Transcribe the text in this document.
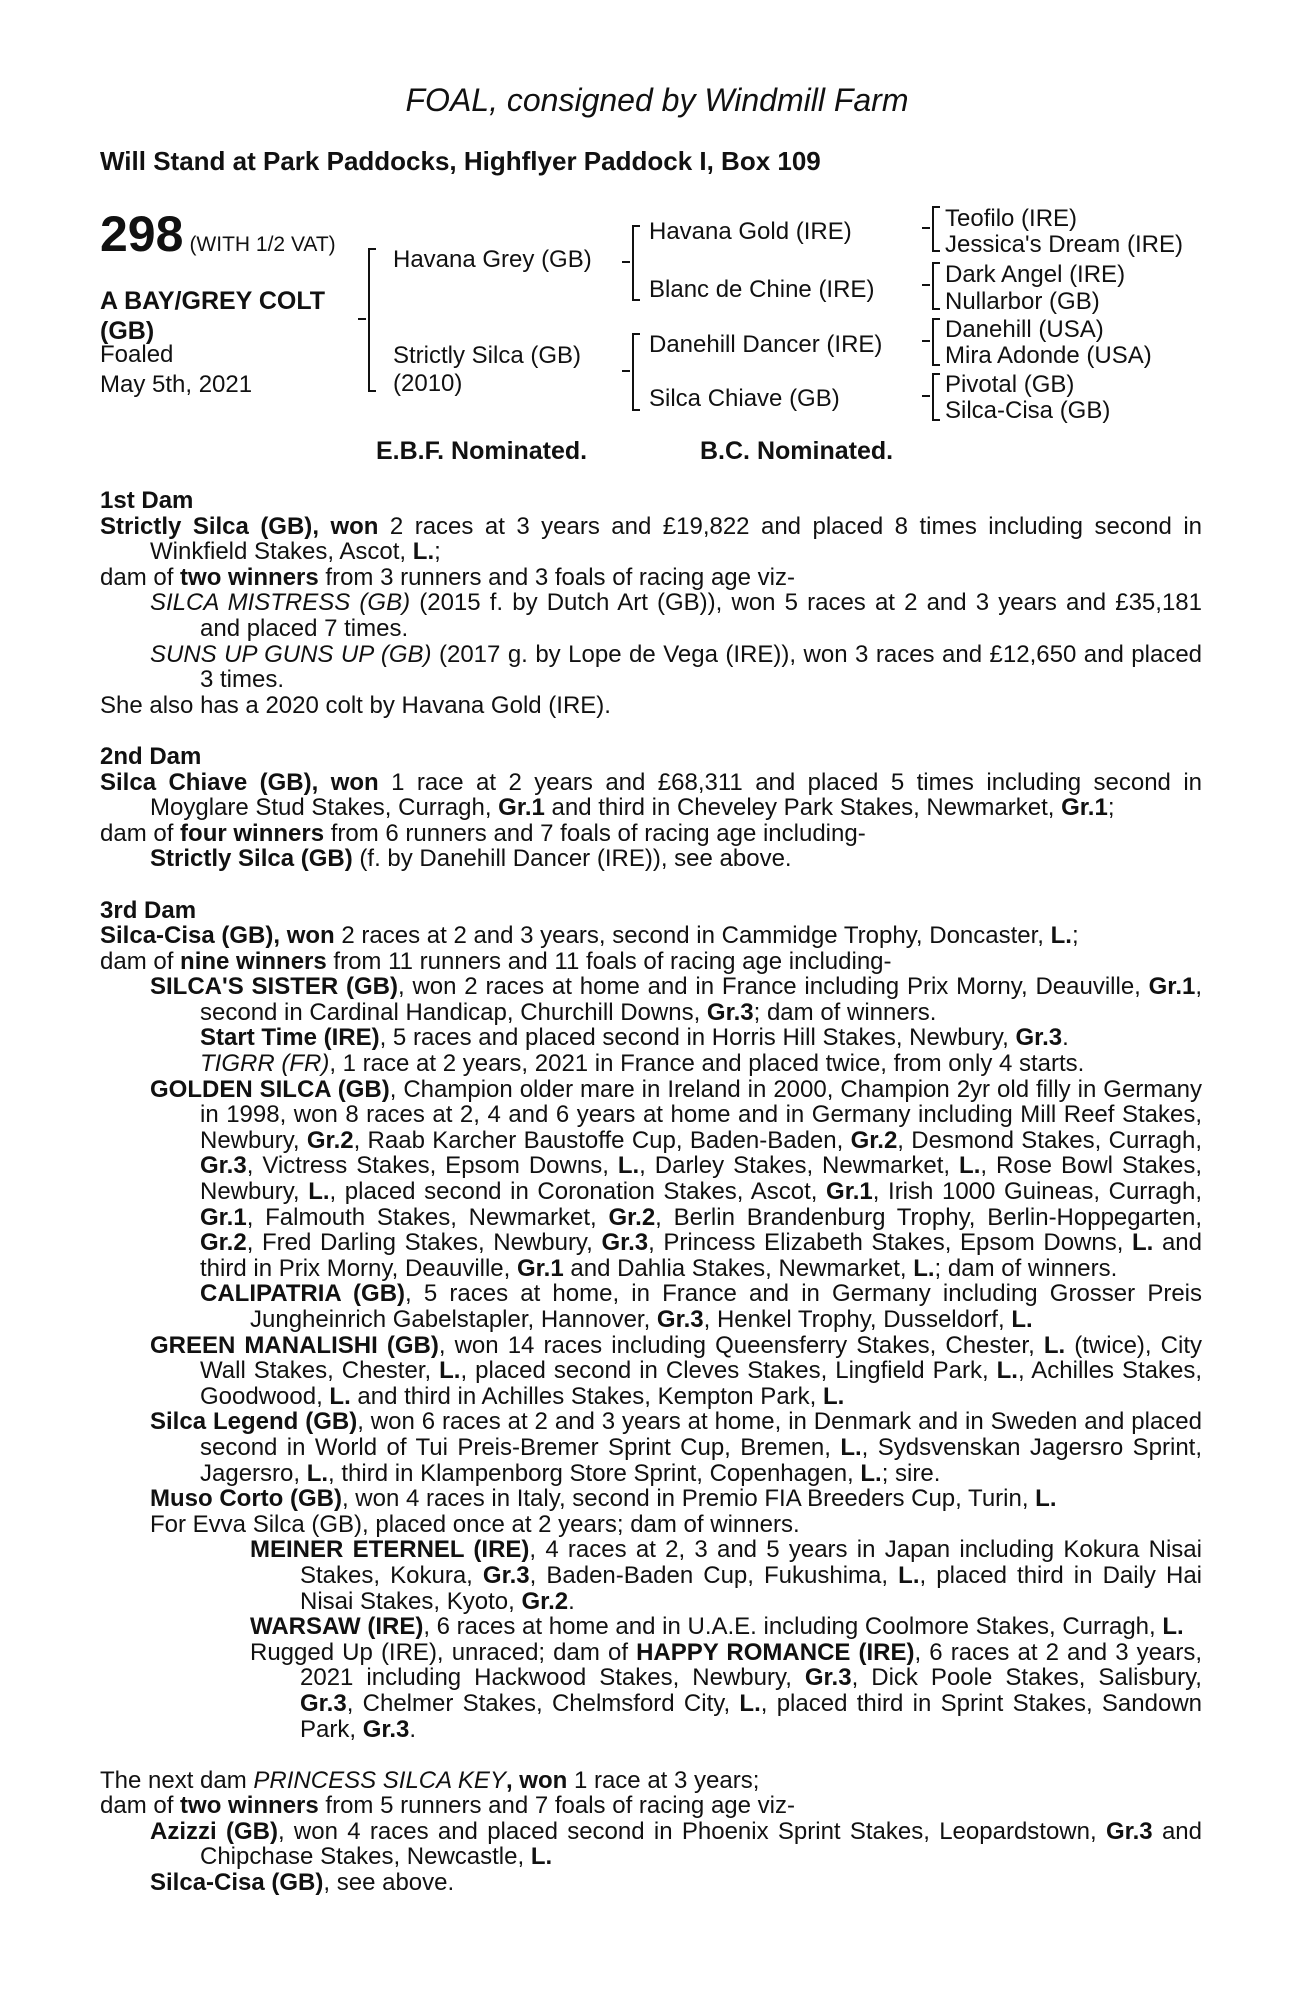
FOAL, consigned by Windmill Farm
Will Stand at Park Paddocks, Highflyer Paddock I, Box 109
298 (WITH 1/2 VAT)
A BAY/GREY COLT
(GB)
Foaled
May 5th, 2021
Havana Grey (GB)
Strictly Silca (GB)
(2010)
Havana Gold (IRE)
Blanc de Chine (IRE)
Danehill Dancer (IRE)
Silca Chiave (GB)
Teofilo (IRE)
Jessica's Dream (IRE)
Dark Angel (IRE)
Nullarbor (GB)
Danehill (USA)
Mira Adonde (USA)
Pivotal (GB)
Silca-Cisa (GB)
E.B.F. Nominated.	B.C. Nominated.
1st Dam

Strictly Silca (GB), won 2 races at 3 years and £19,822 and placed 8 times including second in Winkfield Stakes, Ascot, L.;

dam of two winners from 3 runners and 3 foals of racing age viz-

SILCA MISTRESS (GB) (2015 f. by Dutch Art (GB)), won 5 races at 2 and 3 years and £35,181 and placed 7 times.

SUNS UP GUNS UP (GB) (2017 g. by Lope de Vega (IRE)), won 3 races and £12,650 and placed 3 times.

She also has a 2020 colt by Havana Gold (IRE).

2nd Dam

Silca Chiave (GB), won 1 race at 2 years and £68,311 and placed 5 times including second in Moyglare Stud Stakes, Curragh, Gr.1 and third in Cheveley Park Stakes, Newmarket, Gr.1;

dam of four winners from 6 runners and 7 foals of racing age including-

Strictly Silca (GB) (f. by Danehill Dancer (IRE)), see above.

3rd Dam

Silca-Cisa (GB), won 2 races at 2 and 3 years, second in Cammidge Trophy, Doncaster, L.;

dam of nine winners from 11 runners and 11 foals of racing age including-

SILCA'S SISTER (GB), won 2 races at home and in France including Prix Morny, Deauville, Gr.1, second in Cardinal Handicap, Churchill Downs, Gr.3; dam of winners.

Start Time (IRE), 5 races and placed second in Horris Hill Stakes, Newbury, Gr.3.

TIGRR (FR), 1 race at 2 years, 2021 in France and placed twice, from only 4 starts.

GOLDEN SILCA (GB), Champion older mare in Ireland in 2000, Champion 2yr old filly in Germany in 1998, won 8 races at 2, 4 and 6 years at home and in Germany including Mill Reef Stakes, Newbury, Gr.2, Raab Karcher Baustoffe Cup, Baden-Baden, Gr.2, Desmond Stakes, Curragh, Gr.3, Victress Stakes, Epsom Downs, L., Darley Stakes, Newmarket, L., Rose Bowl Stakes, Newbury, L., placed second in Coronation Stakes, Ascot, Gr.1, Irish 1000 Guineas, Curragh, Gr.1, Falmouth Stakes, Newmarket, Gr.2, Berlin Brandenburg Trophy, Berlin-Hoppegarten, Gr.2, Fred Darling Stakes, Newbury, Gr.3, Princess Elizabeth Stakes, Epsom Downs, L. and third in Prix Morny, Deauville, Gr.1 and Dahlia Stakes, Newmarket, L.; dam of winners.

CALIPATRIA (GB), 5 races at home, in France and in Germany including Grosser Preis Jungheinrich Gabelstapler, Hannover, Gr.3, Henkel Trophy, Dusseldorf, L.

GREEN MANALISHI (GB), won 14 races including Queensferry Stakes, Chester, L. (twice), City Wall Stakes, Chester, L., placed second in Cleves Stakes, Lingfield Park, L., Achilles Stakes, Goodwood, L. and third in Achilles Stakes, Kempton Park, L.

Silca Legend (GB), won 6 races at 2 and 3 years at home, in Denmark and in Sweden and placed second in World of Tui Preis-Bremer Sprint Cup, Bremen, L., Sydsvenskan Jagersro Sprint, Jagersro, L., third in Klampenborg Store Sprint, Copenhagen, L.; sire.

Muso Corto (GB), won 4 races in Italy, second in Premio FIA Breeders Cup, Turin, L.

For Evva Silca (GB), placed once at 2 years; dam of winners.

MEINER ETERNEL (IRE), 4 races at 2, 3 and 5 years in Japan including Kokura Nisai Stakes, Kokura, Gr.3, Baden-Baden Cup, Fukushima, L., placed third in Daily Hai Nisai Stakes, Kyoto, Gr.2.

WARSAW (IRE), 6 races at home and in U.A.E. including Coolmore Stakes, Curragh, L.

Rugged Up (IRE), unraced; dam of HAPPY ROMANCE (IRE), 6 races at 2 and 3 years, 2021 including Hackwood Stakes, Newbury, Gr.3, Dick Poole Stakes, Salisbury, Gr.3, Chelmer Stakes, Chelmsford City, L., placed third in Sprint Stakes, Sandown Park, Gr.3.

The next dam PRINCESS SILCA KEY, won 1 race at 3 years;

dam of two winners from 5 runners and 7 foals of racing age viz-

Azizzi (GB), won 4 races and placed second in Phoenix Sprint Stakes, Leopardstown, Gr.3 and Chipchase Stakes, Newcastle, L.

Silca-Cisa (GB), see above.
